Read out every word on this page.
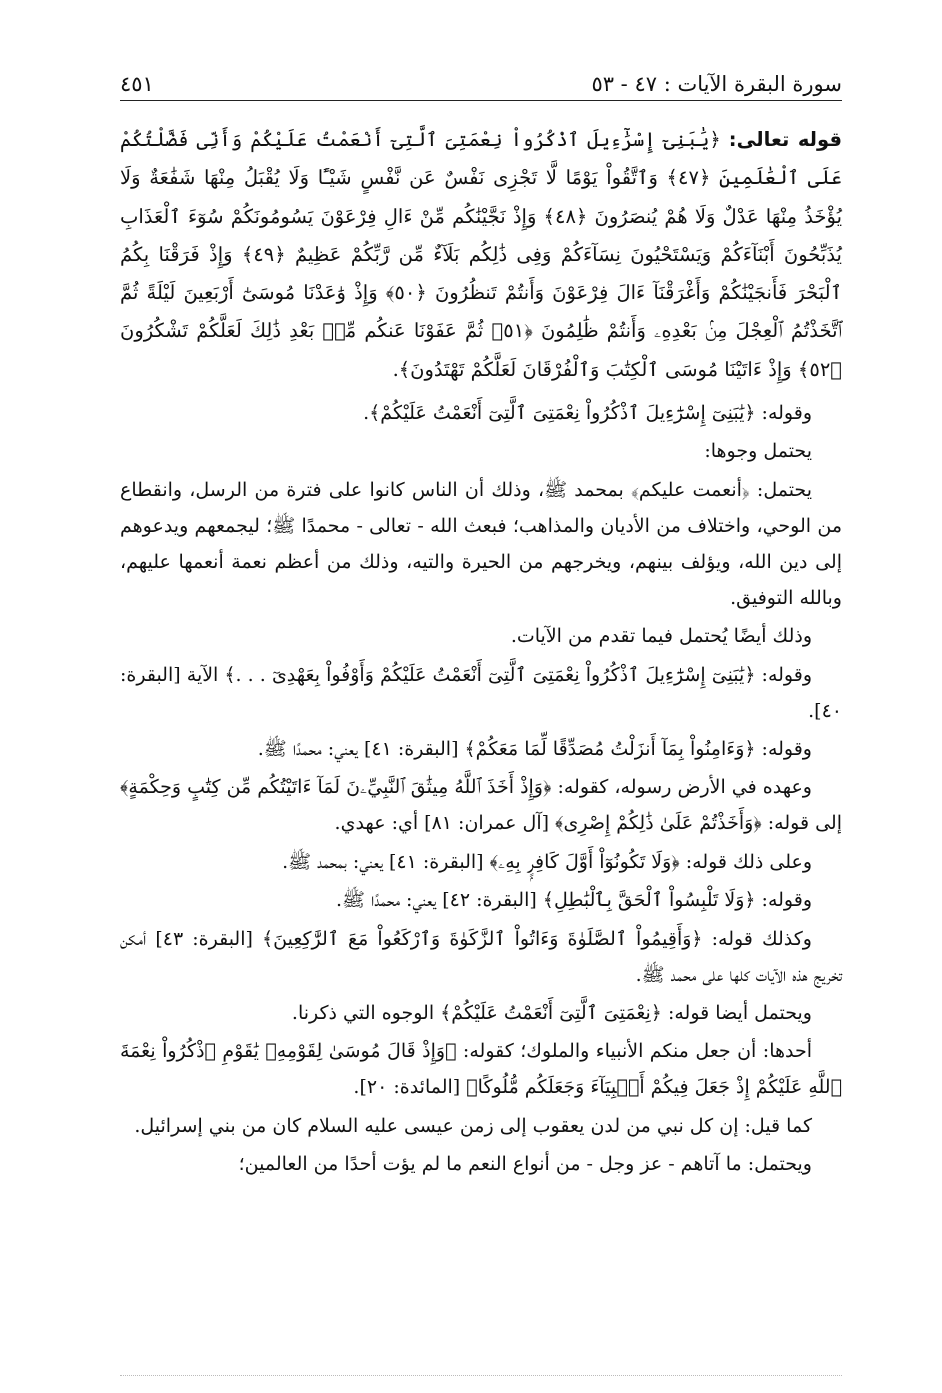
سورة البقرة الآيات : ٤٧ - ٥٣
٤٥١

قوله تعالى: ﴿يَٰبَنِىٓ إِسْرَٰٓءِيلَ ٱذْكُرُواْ نِعْمَتِىَ ٱلَّتِىٓ أَنْعَمْتُ عَلَيْكُمْ وَأَنِّى فَضَّلْتُكُمْ عَلَى ٱلْعَٰلَمِينَ ﴿٤٧﴾ وَٱتَّقُواْ يَوْمًا لَّا تَجْزِى نَفْسٌ عَن نَّفْسٍ شَيْـًٔا وَلَا يُقْبَلُ مِنْهَا شَفَٰعَةٌ وَلَا يُؤْخَذُ مِنْهَا عَدْلٌ وَلَا هُمْ يُنصَرُونَ ﴿٤٨﴾ وَإِذْ نَجَّيْنَٰكُم مِّنْ ءَالِ فِرْعَوْنَ يَسُومُونَكُمْ سُوٓءَ ٱلْعَذَابِ يُذَبِّحُونَ أَبْنَآءَكُمْ وَيَسْتَحْيُونَ نِسَآءَكُمْ وَفِى ذَٰلِكُم بَلَآءٌ مِّن رَّبِّكُمْ عَظِيمٌ ﴿٤٩﴾ وَإِذْ فَرَقْنَا بِكُمُ ٱلْبَحْرَ فَأَنجَيْنَٰكُمْ وَأَغْرَقْنَآ ءَالَ فِرْعَوْنَ وَأَنتُمْ تَنظُرُونَ ﴿٥٠﴾ وَإِذْ وَٰعَدْنَا مُوسَىٰٓ أَرْبَعِينَ لَيْلَةً ثُمَّ ٱتَّخَذْتُمُ ٱلْعِجْلَ مِنۢ بَعْدِهِۦ وَأَنتُمْ ظَٰلِمُونَ ﴿٥١﴾ ثُمَّ عَفَوْنَا عَنكُم مِّنۢ بَعْدِ ذَٰلِكَ لَعَلَّكُمْ تَشْكُرُونَ ﴿٥٢﴾ وَإِذْ ءَاتَيْنَا مُوسَى ٱلْكِتَٰبَ وَٱلْفُرْقَانَ لَعَلَّكُمْ تَهْتَدُونَ﴾.

وقوله: ﴿يَٰبَنِىٓ إِسْرَٰٓءِيلَ ٱذْكُرُواْ نِعْمَتِىَ ٱلَّتِىٓ أَنْعَمْتُ عَلَيْكُمْ﴾.

يحتمل وجوها:

يحتمل: ﴿أنعمت عليكم﴾ بمحمد ﷺ، وذلك أن الناس كانوا على فترة من الرسل، وانقطاع من الوحي، واختلاف من الأديان والمذاهب؛ فبعث الله - تعالى - محمدًا ﷺ؛ ليجمعهم ويدعوهم إلى دين الله، ويؤلف بينهم، ويخرجهم من الحيرة والتيه، وذلك من أعظم نعمة أنعمها عليهم، وبالله التوفيق.

وذلك أيضًا يُحتمل فيما تقدم من الآيات.

وقوله: ﴿يَٰبَنِىٓ إِسْرَٰٓءِيلَ ٱذْكُرُواْ نِعْمَتِىَ ٱلَّتِىٓ أَنْعَمْتُ عَلَيْكُمْ وَأَوْفُواْ بِعَهْدِىٓ . . .﴾ الآية [البقرة: ٤٠].

وقوله: ﴿وَءَامِنُواْ بِمَآ أَنزَلْتُ مُصَدِّقًا لِّمَا مَعَكُمْ﴾ [البقرة: ٤١] يعني: محمدًا ﷺ.

وعهده في الأرض رسوله، كقوله: ﴿وَإِذْ أَخَذَ ٱللَّهُ مِيثَٰقَ ٱلنَّبِيِّۦنَ لَمَآ ءَاتَيْتُكُم مِّن كِتَٰبٍ وَحِكْمَةٍ﴾ إلى قوله: ﴿وَأَخَذْتُمْ عَلَىٰ ذَٰلِكُمْ إِصْرِى﴾ [آل عمران: ٨١] أي: عهدي.

وعلى ذلك قوله: ﴿وَلَا تَكُونُوٓاْ أَوَّلَ كَافِرٍۭ بِهِۦ﴾ [البقرة: ٤١] يعني: بمحمد ﷺ.

وقوله: ﴿وَلَا تَلْبِسُواْ ٱلْحَقَّ بِٱلْبَٰطِلِ﴾ [البقرة: ٤٢] يعني: محمدًا ﷺ.

وكذلك قوله: ﴿وَأَقِيمُواْ ٱلصَّلَوٰةَ وَءَاتُواْ ٱلزَّكَوٰةَ وَٱرْكَعُواْ مَعَ ٱلرَّٰكِعِينَ﴾ [البقرة: ٤٣] أمكن تخريج هذه الآيات كلها على محمد ﷺ.

ويحتمل أيضا قوله: ﴿نِعْمَتِىَ ٱلَّتِىٓ أَنْعَمْتُ عَلَيْكُمْ﴾ الوجوه التي ذكرنا.

أحدها: أن جعل منكم الأنبياء والملوك؛ كقوله: ﴿وَإِذْ قَالَ مُوسَىٰ لِقَوْمِهِۦ يَٰقَوْمِ ٱذْكُرُواْ نِعْمَةَ ٱللَّهِ عَلَيْكُمْ إِذْ جَعَلَ فِيكُمْ أَنۢبِيَآءَ وَجَعَلَكُم مُّلُوكًا﴾ [المائدة: ٢٠].

كما قيل: إن كل نبي من لدن يعقوب إلى زمن عيسى عليه السلام كان من بني إسرائيل.

ويحتمل: ما آتاهم - عز وجل - من أنواع النعم ما لم يؤت أحدًا من العالمين؛
